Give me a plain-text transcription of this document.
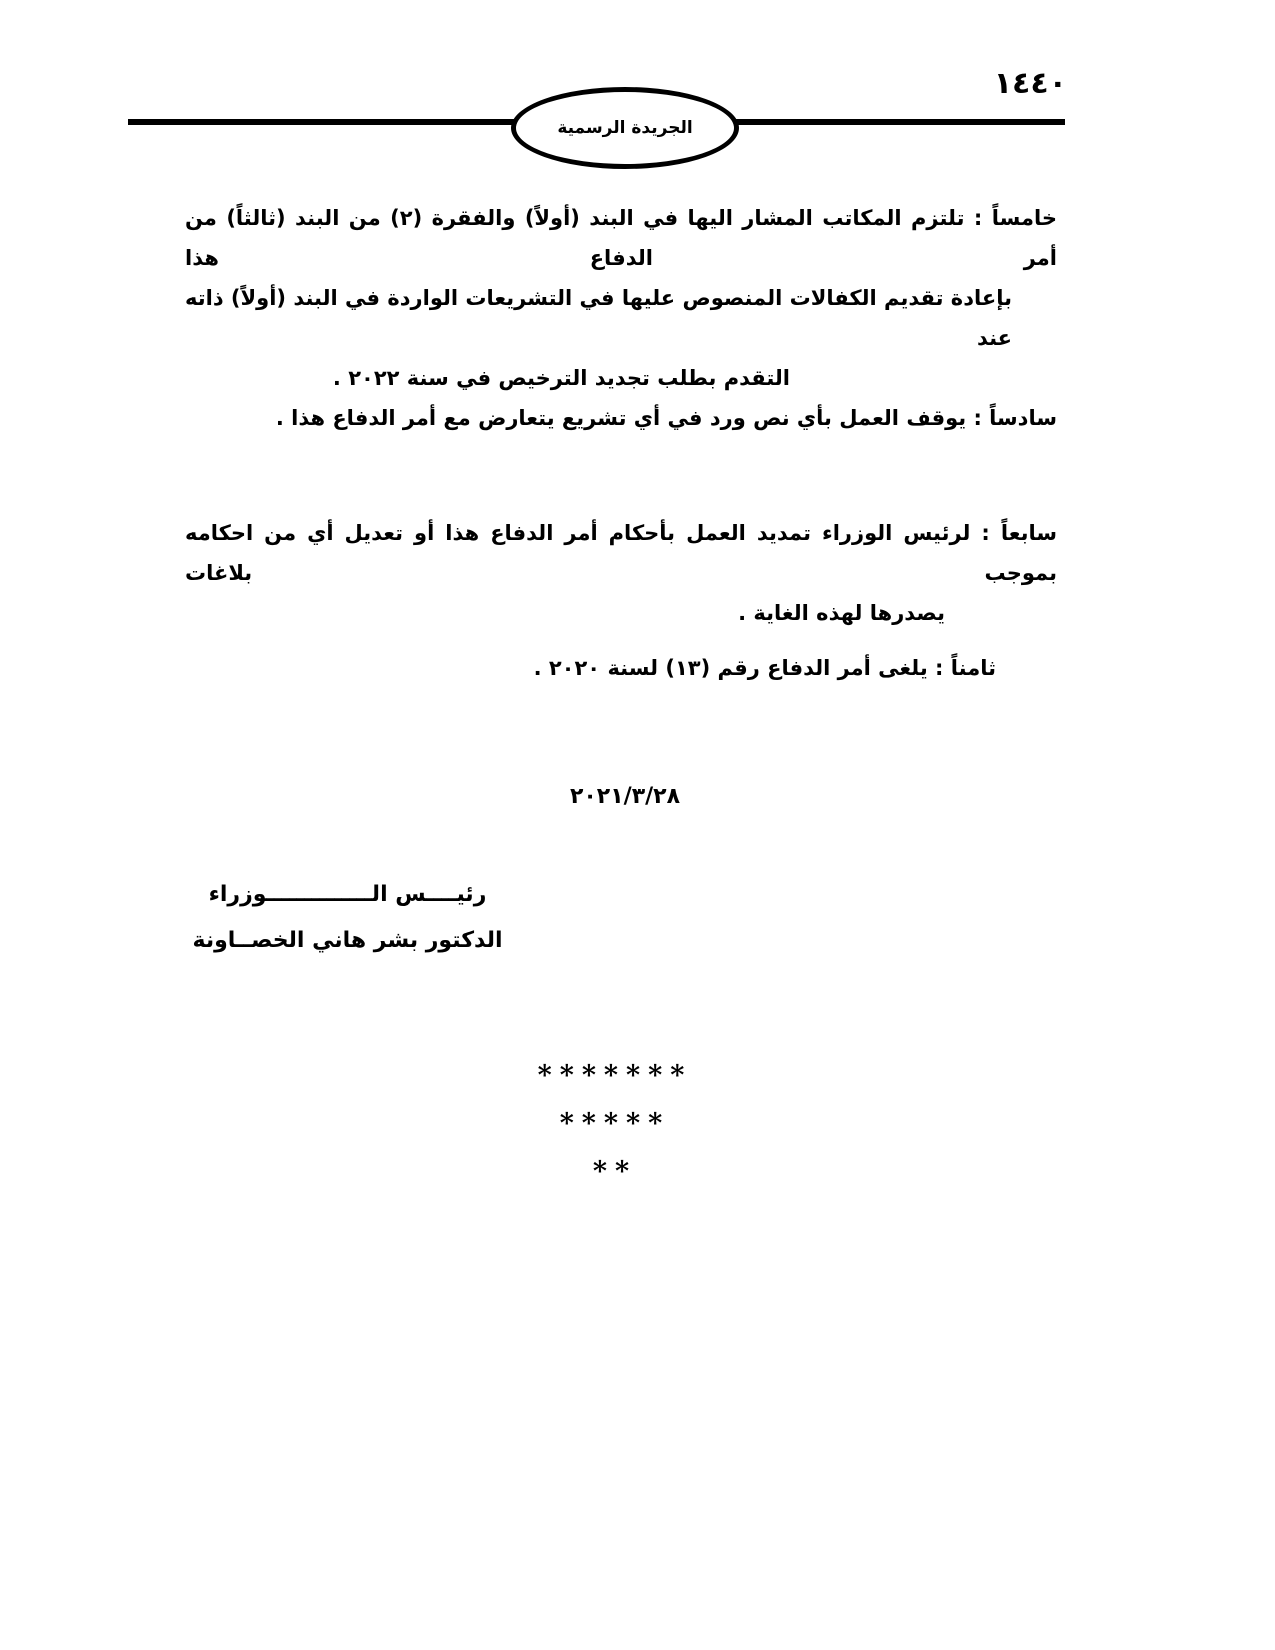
١٤٤٠
الجريدة الرسمية
خامساً : تلتزم المكاتب المشار اليها في البند (أولاً) والفقرة (٢) من البند (ثالثاً) من أمر الدفاع هذا
بإعادة تقديم الكفالات المنصوص عليها في التشريعات الواردة في البند (أولاً) ذاته عند
التقدم بطلب تجديد الترخيص في سنة ٢٠٢٢ .
سادساً : يوقف العمل بأي نص ورد في أي تشريع يتعارض مع أمر الدفاع هذا .
سابعاً : لرئيس الوزراء تمديد العمل بأحكام أمر الدفاع هذا أو تعديل أي من احكامه بموجب بلاغات
يصدرها لهذه الغاية .
ثامناً : يلغى أمر الدفاع رقم (١٣) لسنة ٢٠٢٠ .
٢٠٢١/٣/٢٨
رئيــــس الــــــــــــــوزراء
الدكتور بشر هاني الخصــاونة
*******
*****
**
